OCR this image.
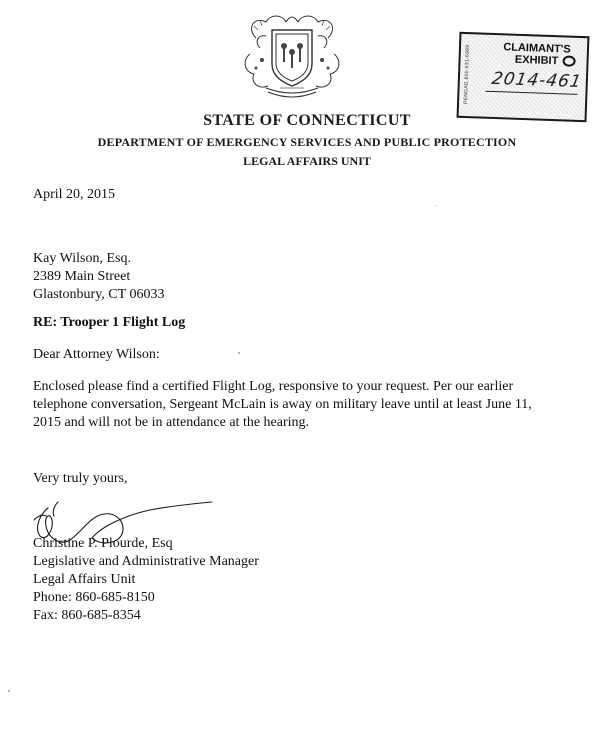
PENGAD 800-631-6989	CLAIMANT'S
EXHIBIT
2014-461
STATE OF CONNECTICUT
DEPARTMENT OF EMERGENCY SERVICES AND PUBLIC PROTECTION
LEGAL AFFAIRS UNIT
April 20, 2015
Kay Wilson, Esq.
2389 Main Street
Glastonbury, CT 06033
RE: Trooper 1 Flight Log
Dear Attorney Wilson:
Enclosed please find a certified Flight Log, responsive to your request. Per our earlier
telephone conversation, Sergeant McLain is away on military leave until at least June 11,
2015 and will not be in attendance at the hearing.
Very truly yours,
Christine P. Plourde, Esq
Legislative and Administrative Manager
Legal Affairs Unit
Phone: 860-685-8150
Fax: 860-685-8354
